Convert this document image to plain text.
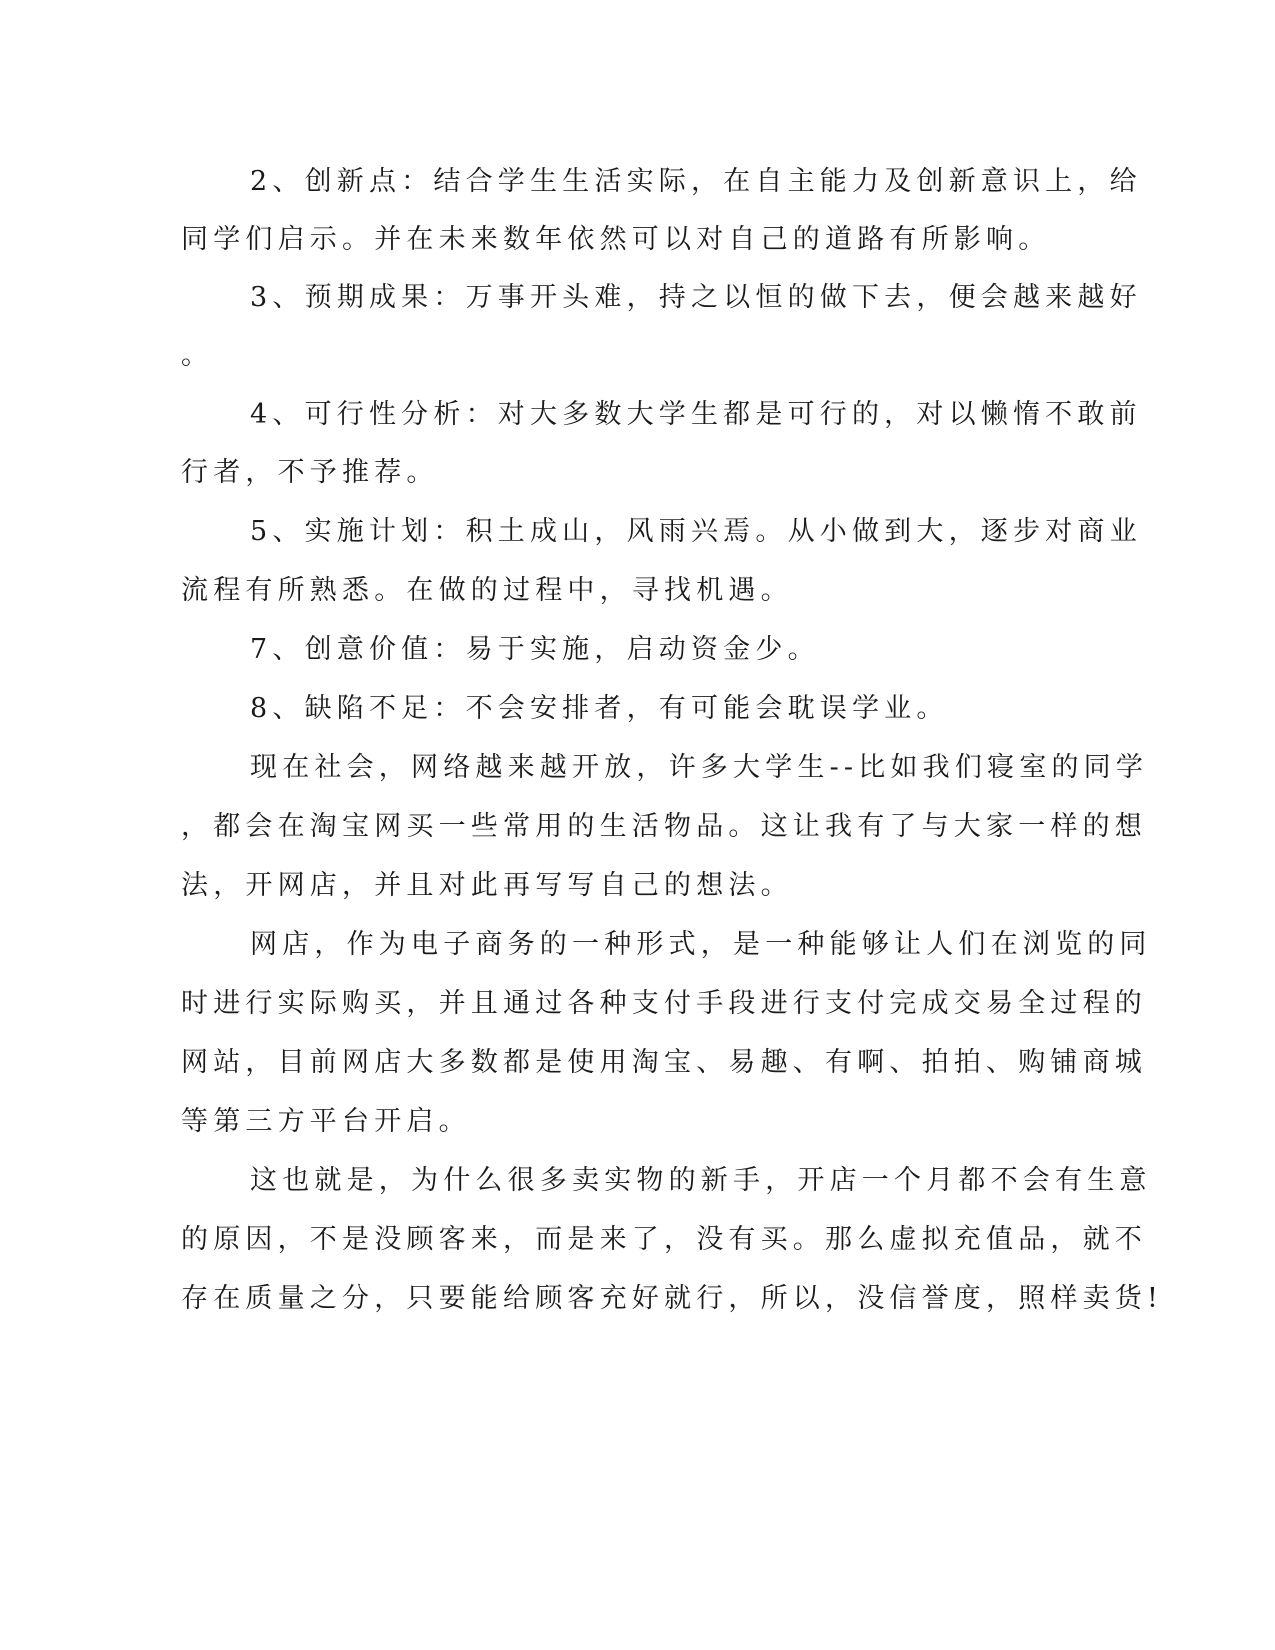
2、创新点：结合学生生活实际，在自主能力及创新意识上，给

同学们启示。并在未来数年依然可以对自己的道路有所影响。

3、预期成果：万事开头难，持之以恒的做下去，便会越来越好

。

4、可行性分析：对大多数大学生都是可行的，对以懒惰不敢前

行者，不予推荐。

5、实施计划：积土成山，风雨兴焉。从小做到大，逐步对商业

流程有所熟悉。在做的过程中，寻找机遇。

7、创意价值：易于实施，启动资金少。

8、缺陷不足：不会安排者，有可能会耽误学业。

现在社会，网络越来越开放，许多大学生--比如我们寝室的同学

，都会在淘宝网买一些常用的生活物品。这让我有了与大家一样的想

法，开网店，并且对此再写写自己的想法。

网店，作为电子商务的一种形式，是一种能够让人们在浏览的同

时进行实际购买，并且通过各种支付手段进行支付完成交易全过程的

网站，目前网店大多数都是使用淘宝、易趣、有啊、拍拍、购铺商城

等第三方平台开启。

这也就是，为什么很多卖实物的新手，开店一个月都不会有生意

的原因，不是没顾客来，而是来了，没有买。那么虚拟充值品，就不

存在质量之分，只要能给顾客充好就行，所以，没信誉度，照样卖货!
